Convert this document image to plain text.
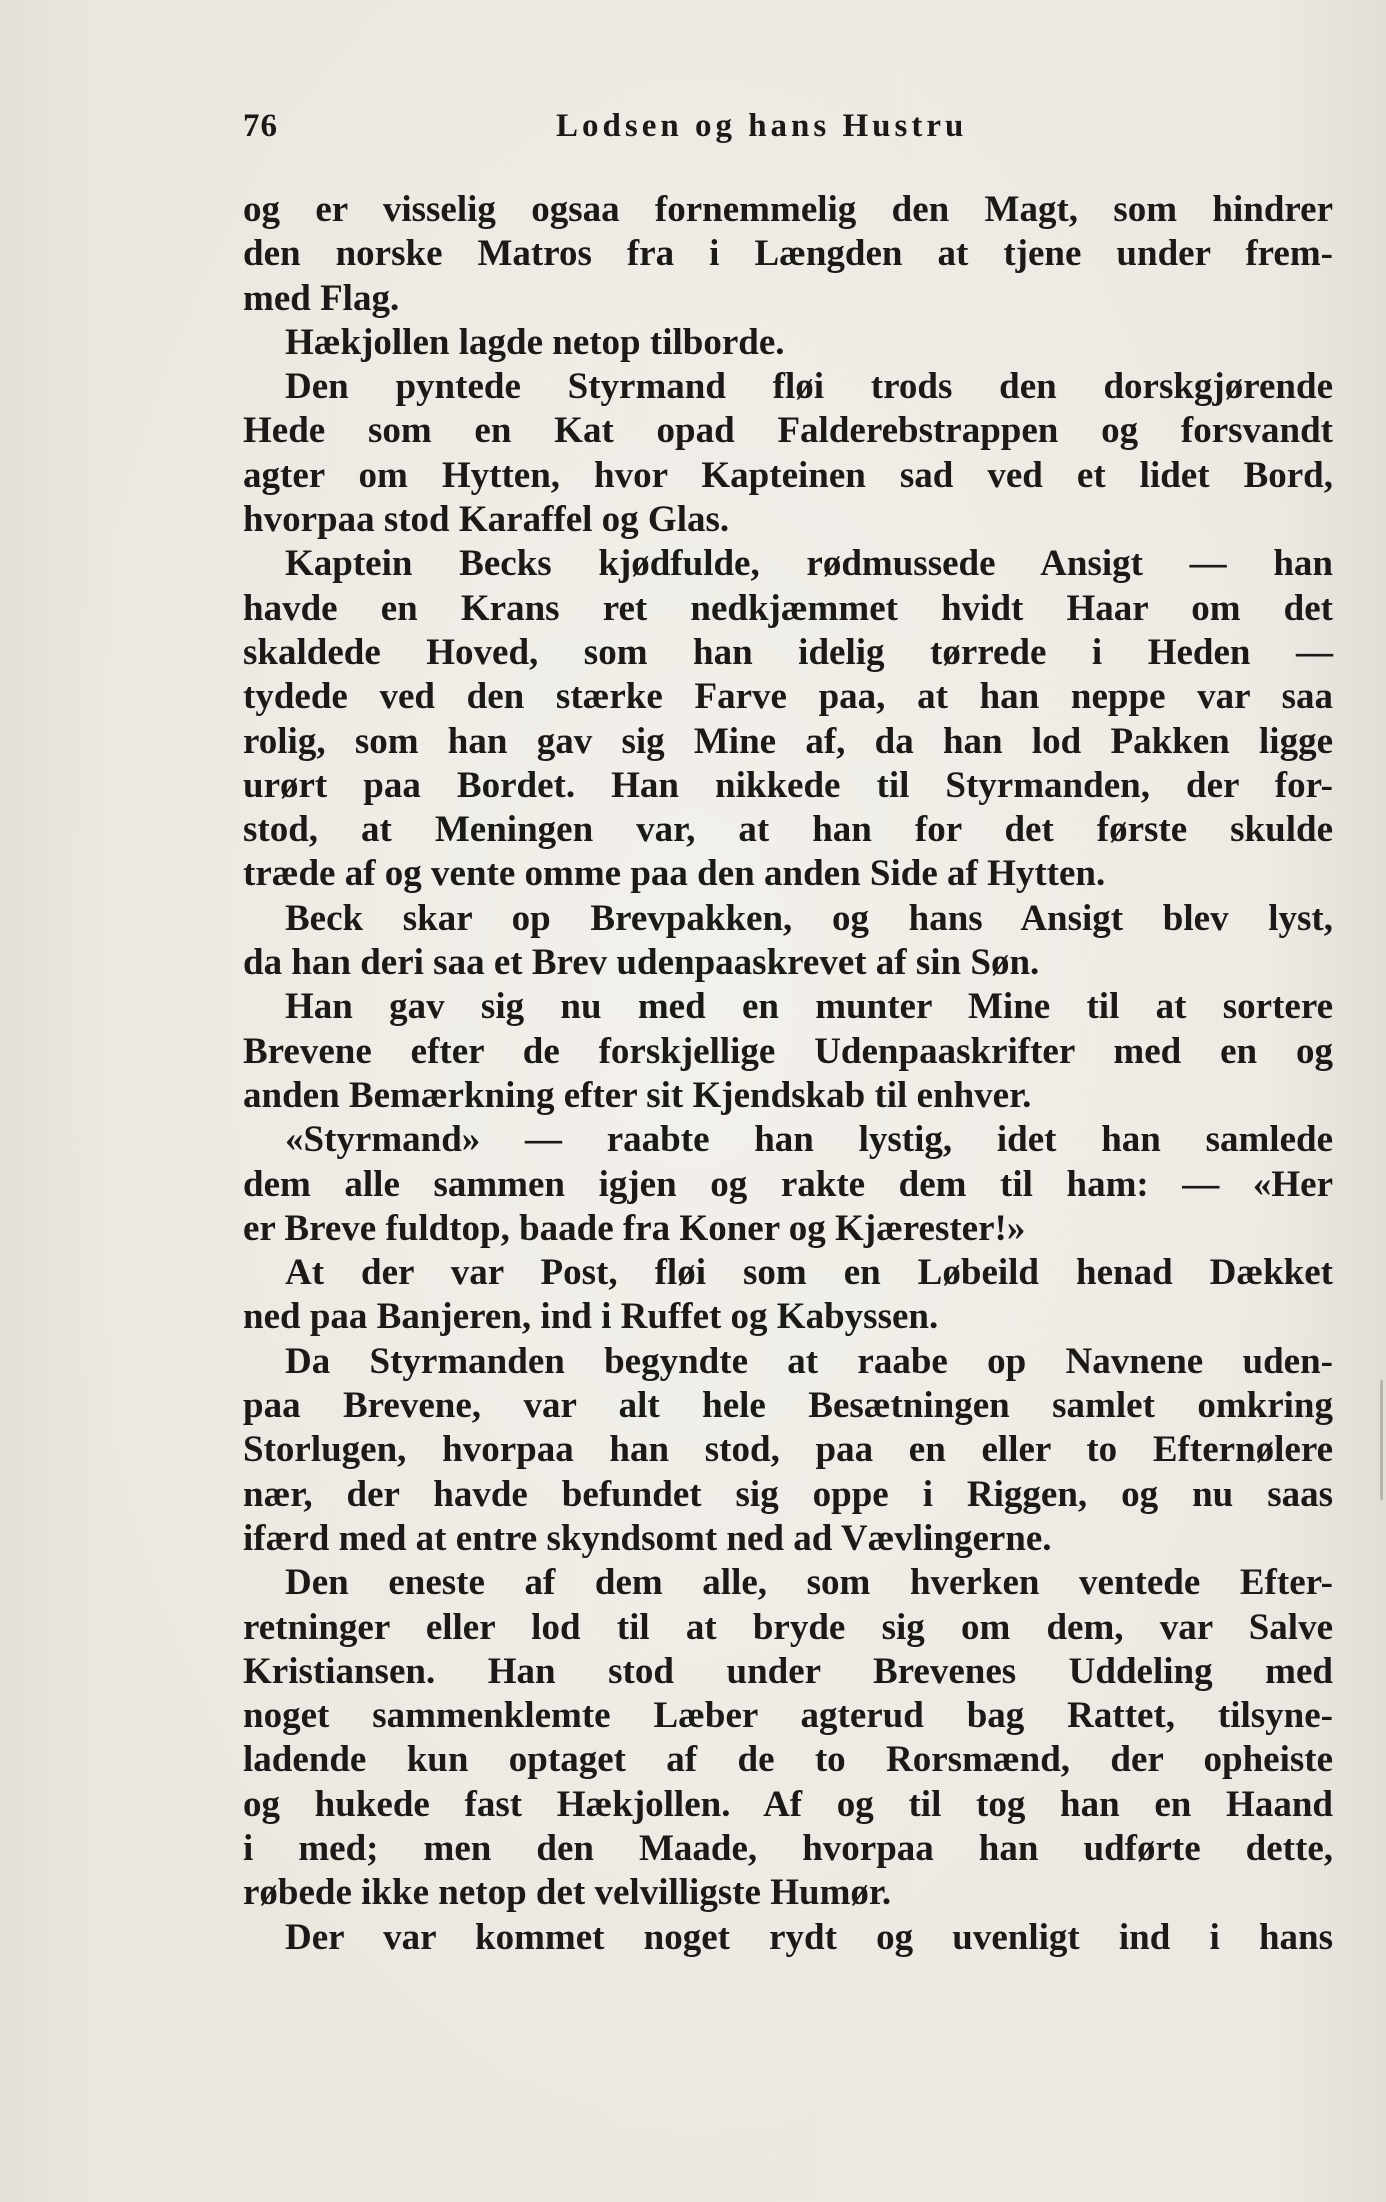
76	Lodsen og hans Hustru
og er visselig ogsaa fornemmelig den Magt, som hindrer
den norske Matros fra i Længden at tjene under frem-
med Flag.
Hækjollen lagde netop tilborde.
Den pyntede Styrmand fløi trods den dorskgjørende
Hede som en Kat opad Falderebstrappen og forsvandt
agter om Hytten, hvor Kapteinen sad ved et lidet Bord,
hvorpaa stod Karaffel og Glas.
Kaptein Becks kjødfulde, rødmussede Ansigt — han
havde en Krans ret nedkjæmmet hvidt Haar om det
skaldede Hoved, som han idelig tørrede i Heden —
tydede ved den stærke Farve paa, at han neppe var saa
rolig, som han gav sig Mine af, da han lod Pakken ligge
urørt paa Bordet. Han nikkede til Styrmanden, der for-
stod, at Meningen var, at han for det første skulde
træde af og vente omme paa den anden Side af Hytten.
Beck skar op Brevpakken, og hans Ansigt blev lyst,
da han deri saa et Brev udenpaaskrevet af sin Søn.
Han gav sig nu med en munter Mine til at sortere
Brevene efter de forskjellige Udenpaaskrifter med en og
anden Bemærkning efter sit Kjendskab til enhver.
«Styrmand» — raabte han lystig, idet han samlede
dem alle sammen igjen og rakte dem til ham: — «Her
er Breve fuldtop, baade fra Koner og Kjærester!»
At der var Post, fløi som en Løbeild henad Dækket
ned paa Banjeren, ind i Ruffet og Kabyssen.
Da Styrmanden begyndte at raabe op Navnene uden-
paa Brevene, var alt hele Besætningen samlet omkring
Storlugen, hvorpaa han stod, paa en eller to Efternølere
nær, der havde befundet sig oppe i Riggen, og nu saas
ifærd med at entre skyndsomt ned ad Vævlingerne.
Den eneste af dem alle, som hverken ventede Efter-
retninger eller lod til at bryde sig om dem, var Salve
Kristiansen. Han stod under Brevenes Uddeling med
noget sammenklemte Læber agterud bag Rattet, tilsyne-
ladende kun optaget af de to Rorsmænd, der opheiste
og hukede fast Hækjollen. Af og til tog han en Haand
i med; men den Maade, hvorpaa han udførte dette,
røbede ikke netop det velvilligste Humør.
Der var kommet noget rydt og uvenligt ind i hans
